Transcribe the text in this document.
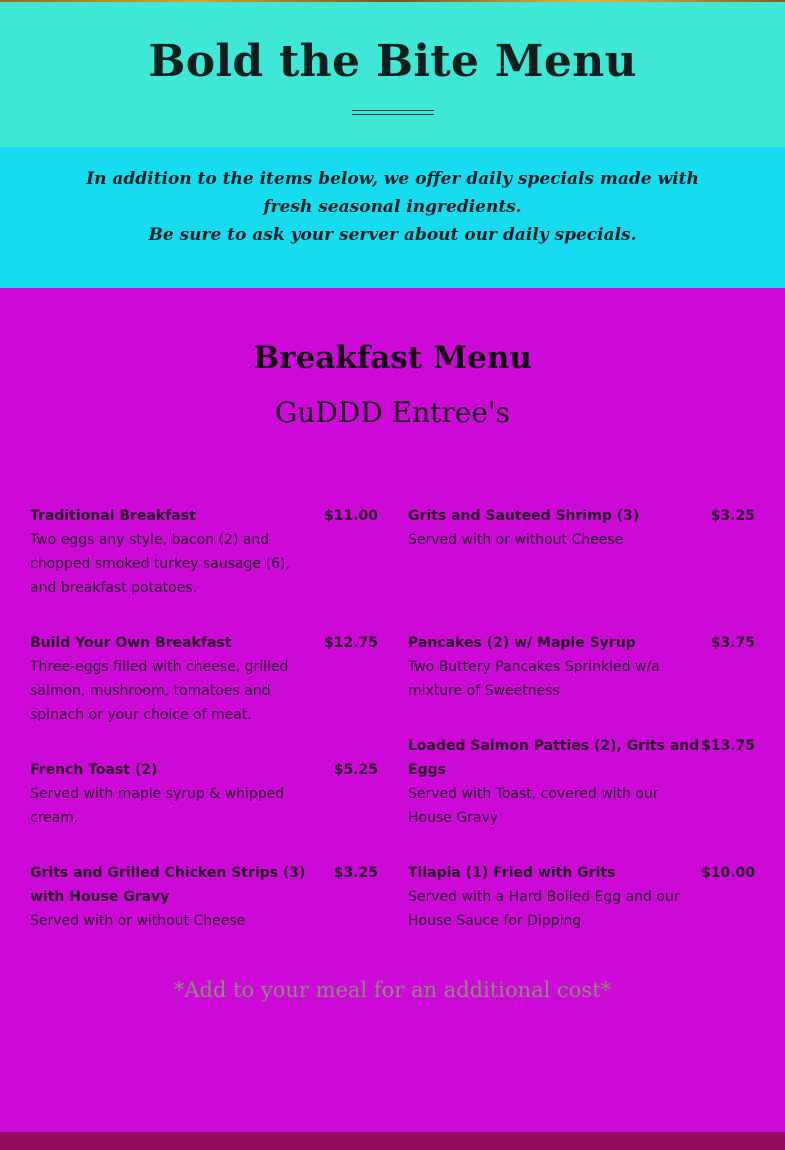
Bold the Bite Menu
In addition to the items below, we offer daily specials made with fresh seasonal ingredients.
Be sure to ask your server about our daily specials.
Breakfast Menu
GuDDD Entree's
Traditional Breakfast	$11.00
Two eggs any style, bacon (2) and
chopped smoked turkey sausage (6),
and breakfast potatoes.
Build Your Own Breakfast	$12.75
Three-eggs filled with cheese, grilled
salmon, mushroom, tomatoes and
spinach or your choice of meat.
French Toast (2)	$5.25
Served with maple syrup & whipped
cream.
Grits and Grilled Chicken Strips (3)
with House Gravy
$3.25
Served with or without Cheese
Grits and Sauteed Shrimp (3)	$3.25
Served with or without Cheese
Pancakes (2) w/ Maple Syrup	$3.75
Two Buttery Pancakes Sprinkled w/a
mixture of Sweetness
Loaded Salmon Patties (2), Grits and
Eggs
$13.75
Served with Toast, covered with our
House Gravy
Tilapia (1) Fried with Grits	$10.00
Served with a Hard Boiled Egg and our
House Sauce for Dipping
*Add to your meal for an additional cost*
